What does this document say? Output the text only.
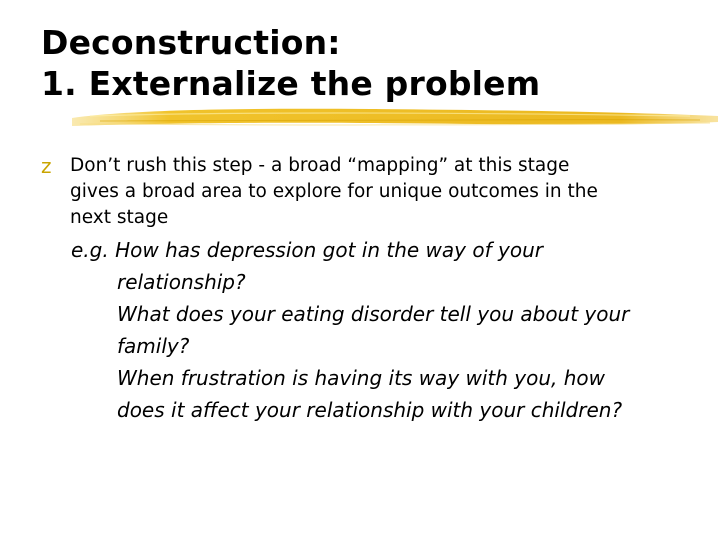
Deconstruction:
1. Externalize the problem
z Don’t rush this step - a broad “mapping” at this stage
gives a broad area to explore for unique outcomes in the
next stage
e.g. How has depression got in the way of your
relationship?
What does your eating disorder tell you about your
family?
When frustration is having its way with you, how
does it affect your relationship with your children?
